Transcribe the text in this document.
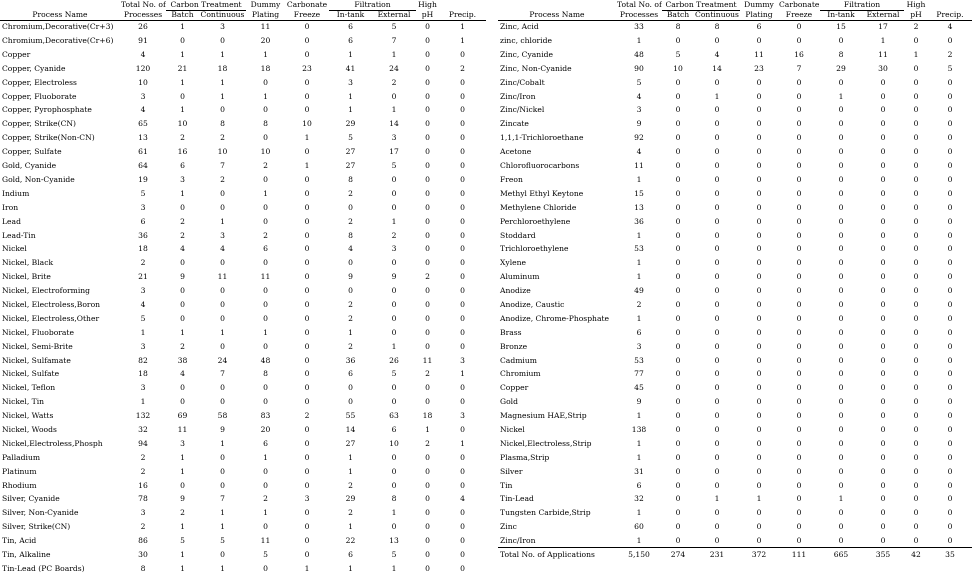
	Total No. of	Carbon Treatment		Dummy	Carbonate	Filtration		High	
Process Name	Processes	Batch	Continuous	Plating	Freeze	In-tank	External	pH	Precip.
Chromium,Decorative(Cr+3)	26	1	3	11	0	6	5	0	1
Chromium,Decorative(Cr+6)	91	0	0	20	0	6	7	0	1
Copper	4	1	1	1	0	1	1	0	0
Copper, Cyanide	120	21	18	18	23	41	24	0	2
Copper, Electroless	10	1	1	0	0	3	2	0	0
Copper, Fluoborate	3	0	1	1	0	1	0	0	0
Copper, Pyrophosphate	4	1	0	0	0	1	1	0	0
Copper, Strike(CN)	65	10	8	8	10	29	14	0	0
Copper, Strike(Non-CN)	13	2	2	0	1	5	3	0	0
Copper, Sulfate	61	16	10	10	0	27	17	0	0
Gold, Cyanide	64	6	7	2	1	27	5	0	0
Gold, Non-Cyanide	19	3	2	0	0	8	0	0	0
Indium	5	1	0	1	0	2	0	0	0
Iron	3	0	0	0	0	0	0	0	0
Lead	6	2	1	0	0	2	1	0	0
Lead-Tin	36	2	3	2	0	8	2	0	0
Nickel	18	4	4	6	0	4	3	0	0
Nickel, Black	2	0	0	0	0	0	0	0	0
Nickel, Brite	21	9	11	11	0	9	9	2	0
Nickel, Electroforming	3	0	0	0	0	0	0	0	0
Nickel, Electroless,Boron	4	0	0	0	0	2	0	0	0
Nickel, Electroless,Other	5	0	0	0	0	2	0	0	0
Nickel, Fluoborate	1	1	1	1	0	1	0	0	0
Nickel, Semi-Brite	3	2	0	0	0	2	1	0	0
Nickel, Sulfamate	82	38	24	48	0	36	26	11	3
Nickel, Sulfate	18	4	7	8	0	6	5	2	1
Nickel, Teflon	3	0	0	0	0	0	0	0	0
Nickel, Tin	1	0	0	0	0	0	0	0	0
Nickel, Watts	132	69	58	83	2	55	63	18	3
Nickel, Woods	32	11	9	20	0	14	6	1	0
Nickel,Electroless,Phosph	94	3	1	6	0	27	10	2	1
Palladium	2	1	0	1	0	1	0	0	0
Platinum	2	1	0	0	0	1	0	0	0
Rhodium	16	0	0	0	0	2	0	0	0
Silver, Cyanide	78	9	7	2	3	29	8	0	4
Silver, Non-Cyanide	3	2	1	1	0	2	1	0	0
Silver, Strike(CN)	2	1	1	0	0	1	0	0	0
Tin, Acid	86	5	5	11	0	22	13	0	0
Tin, Alkaline	30	1	0	5	0	6	5	0	0
Tin-Lead (PC Boards)	8	1	1	0	1	1	1	0	0
	Total No. of	Carbon Treatment		Dummy	Carbonate	Filtration		High	
Process Name	Processes	Batch	Continuous	Plating	Freeze	In-tank	External	pH	Precip.
Zinc, Acid	33	8	8	6	0	15	17	2	4
zinc, chloride	1	0	0	0	0	0	1	0	0
Zinc, Cyanide	48	5	4	11	16	8	11	1	2
Zinc, Non-Cyanide	90	10	14	23	7	29	30	0	5
Zinc/Cobalt	5	0	0	0	0	0	0	0	0
Zinc/Iron	4	0	1	0	0	1	0	0	0
Zinc/Nickel	3	0	0	0	0	0	0	0	0
Zincate	9	0	0	0	0	0	0	0	0
1,1,1-Trichloroethane	92	0	0	0	0	0	0	0	0
Acetone	4	0	0	0	0	0	0	0	0
Chlorofluorocarbons	11	0	0	0	0	0	0	0	0
Freon	1	0	0	0	0	0	0	0	0
Methyl Ethyl Keytone	15	0	0	0	0	0	0	0	0
Methylene Chloride	13	0	0	0	0	0	0	0	0
Perchloroethylene	36	0	0	0	0	0	0	0	0
Stoddard	1	0	0	0	0	0	0	0	0
Trichloroethylene	53	0	0	0	0	0	0	0	0
Xylene	1	0	0	0	0	0	0	0	0
Aluminum	1	0	0	0	0	0	0	0	0
Anodize	49	0	0	0	0	0	0	0	0
Anodize, Caustic	2	0	0	0	0	0	0	0	0
Anodize, Chrome-Phosphate	1	0	0	0	0	0	0	0	0
Brass	6	0	0	0	0	0	0	0	0
Bronze	3	0	0	0	0	0	0	0	0
Cadmium	53	0	0	0	0	0	0	0	0
Chromium	77	0	0	0	0	0	0	0	0
Copper	45	0	0	0	0	0	0	0	0
Gold	9	0	0	0	0	0	0	0	0
Magnesium HAE,Strip	1	0	0	0	0	0	0	0	0
Nickel	138	0	0	0	0	0	0	0	0
Nickel,Electroless,Strip	1	0	0	0	0	0	0	0	0
Plasma,Strip	1	0	0	0	0	0	0	0	0
Silver	31	0	0	0	0	0	0	0	0
Tin	6	0	0	0	0	0	0	0	0
Tin-Lead	32	0	1	1	0	1	0	0	0
Tungsten Carbide,Strip	1	0	0	0	0	0	0	0	0
Zinc	60	0	0	0	0	0	0	0	0
Zinc/Iron	1	0	0	0	0	0	0	0	0
Total No. of Applications	5,150	274	231	372	111	665	355	42	35
